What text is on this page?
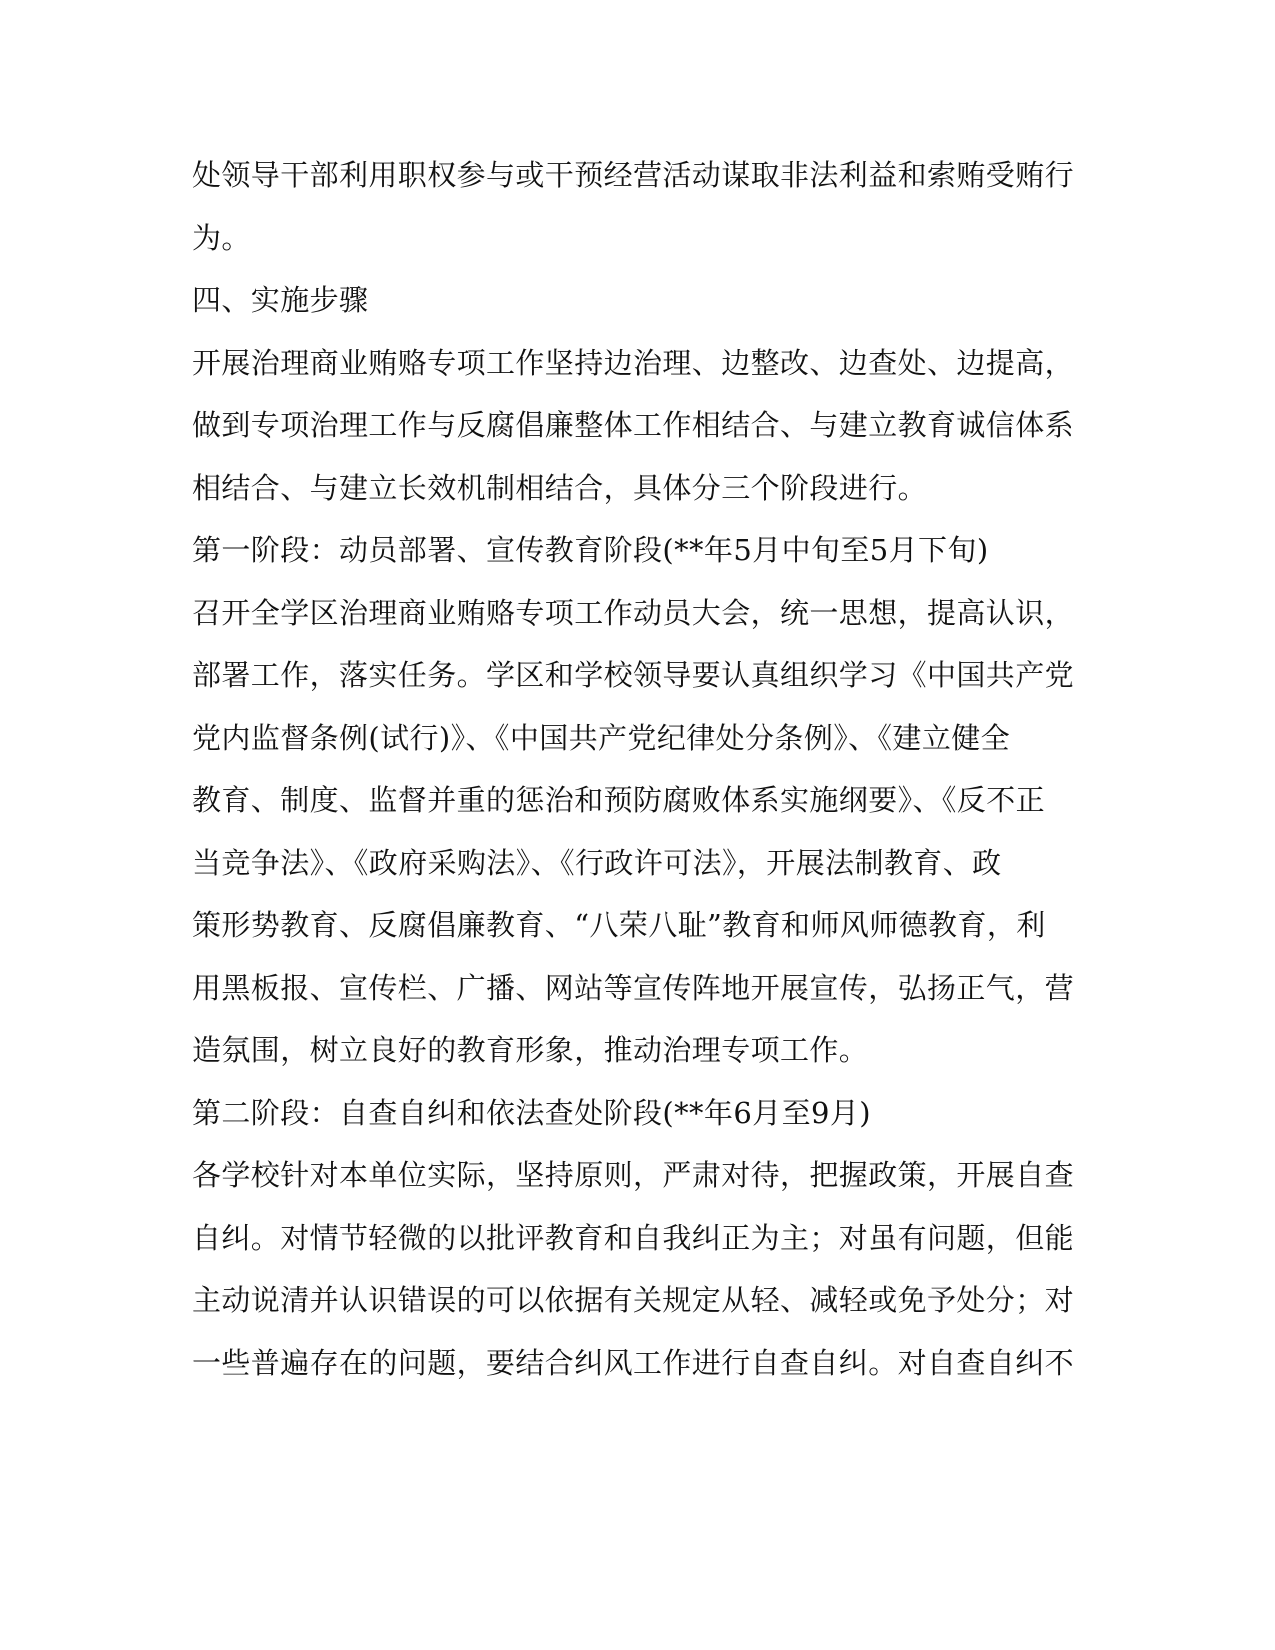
处领导干部利用职权参与或干预经营活动谋取非法利益和索贿受贿行
为。
四、实施步骤
开展治理商业贿赂专项工作坚持边治理、边整改、边查处、边提高，
做到专项治理工作与反腐倡廉整体工作相结合、与建立教育诚信体系
相结合、与建立长效机制相结合，具体分三个阶段进行。
第一阶段：动员部署、宣传教育阶段(**年5月中旬至5月下旬)
召开全学区治理商业贿赂专项工作动员大会，统一思想，提高认识，
部署工作，落实任务。学区和学校领导要认真组织学习《中国共产党
党内监督条例(试行)》、《中国共产党纪律处分条例》、《建立健全
教育、制度、监督并重的惩治和预防腐败体系实施纲要》、《反不正
当竞争法》、《政府采购法》、《行政许可法》，开展法制教育、政
策形势教育、反腐倡廉教育、“八荣八耻”教育和师风师德教育，利
用黑板报、宣传栏、广播、网站等宣传阵地开展宣传，弘扬正气，营
造氛围，树立良好的教育形象，推动治理专项工作。
第二阶段：自查自纠和依法查处阶段(**年6月至9月)
各学校针对本单位实际，坚持原则，严肃对待，把握政策，开展自查
自纠。对情节轻微的以批评教育和自我纠正为主；对虽有问题，但能
主动说清并认识错误的可以依据有关规定从轻、减轻或免予处分；对
一些普遍存在的问题，要结合纠风工作进行自查自纠。对自查自纠不
